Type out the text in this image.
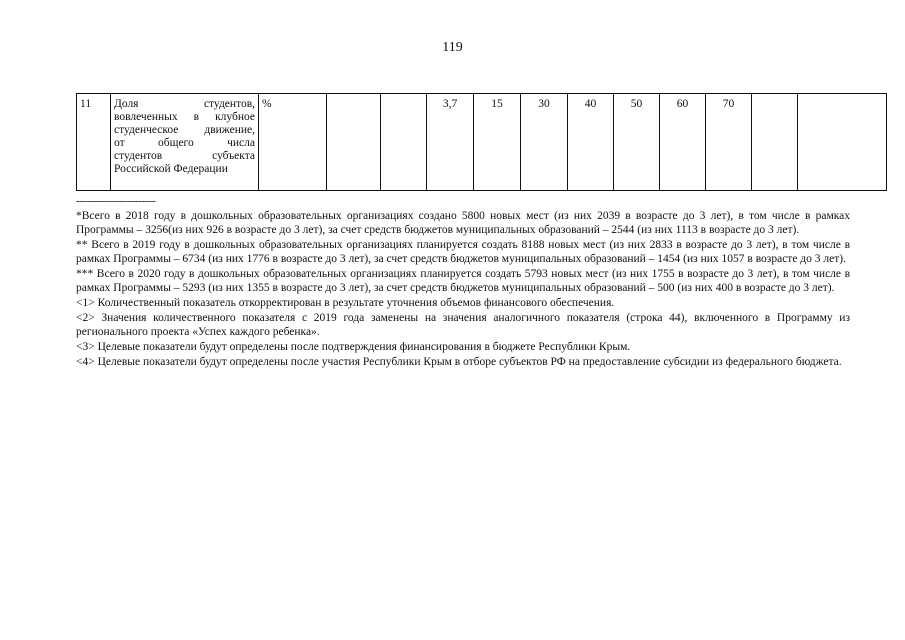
119
11	Доля студентов,
вовлеченных в клубное
студенческое движение,
от общего числа
студентов субъекта
Российской Федерации
	%			3,7	15	30	40	50	60	70		
----------------------------

*Всего в 2018 году в дошкольных образовательных организациях создано 5800 новых мест (из них 2039 в возрасте до 3 лет), в том числе в рамках Программы – 3256(из них 926 в возрасте до 3 лет), за счет средств бюджетов муниципальных образований – 2544 (из них 1113 в возрасте до 3 лет).

** Всего в 2019 году в дошкольных образовательных организациях планируется создать 8188 новых мест (из них 2833 в возрасте до 3 лет), в том числе в рамках Программы – 6734 (из них 1776 в возрасте до 3 лет), за счет средств бюджетов муниципальных образований – 1454 (из них 1057 в возрасте до 3 лет).

*** Всего в 2020 году в дошкольных образовательных организациях планируется создать 5793 новых мест (из них 1755 в возрасте до 3 лет), в том числе в рамках Программы – 5293 (из них 1355 в возрасте до 3 лет), за счет средств бюджетов муниципальных образований – 500 (из них 400 в возрасте до 3 лет).

<1> Количественный показатель откорректирован в результате уточнения объемов финансового обеспечения.

<2> Значения количественного показателя с 2019 года заменены на значения аналогичного показателя (строка 44), включенного в Программу из регионального проекта «Успех каждого ребенка».

<3> Целевые показатели будут определены после подтверждения финансирования в бюджете Республики Крым.

<4> Целевые показатели будут определены после участия Республики Крым в отборе субъектов РФ на предоставление субсидии из федерального бюджета.
